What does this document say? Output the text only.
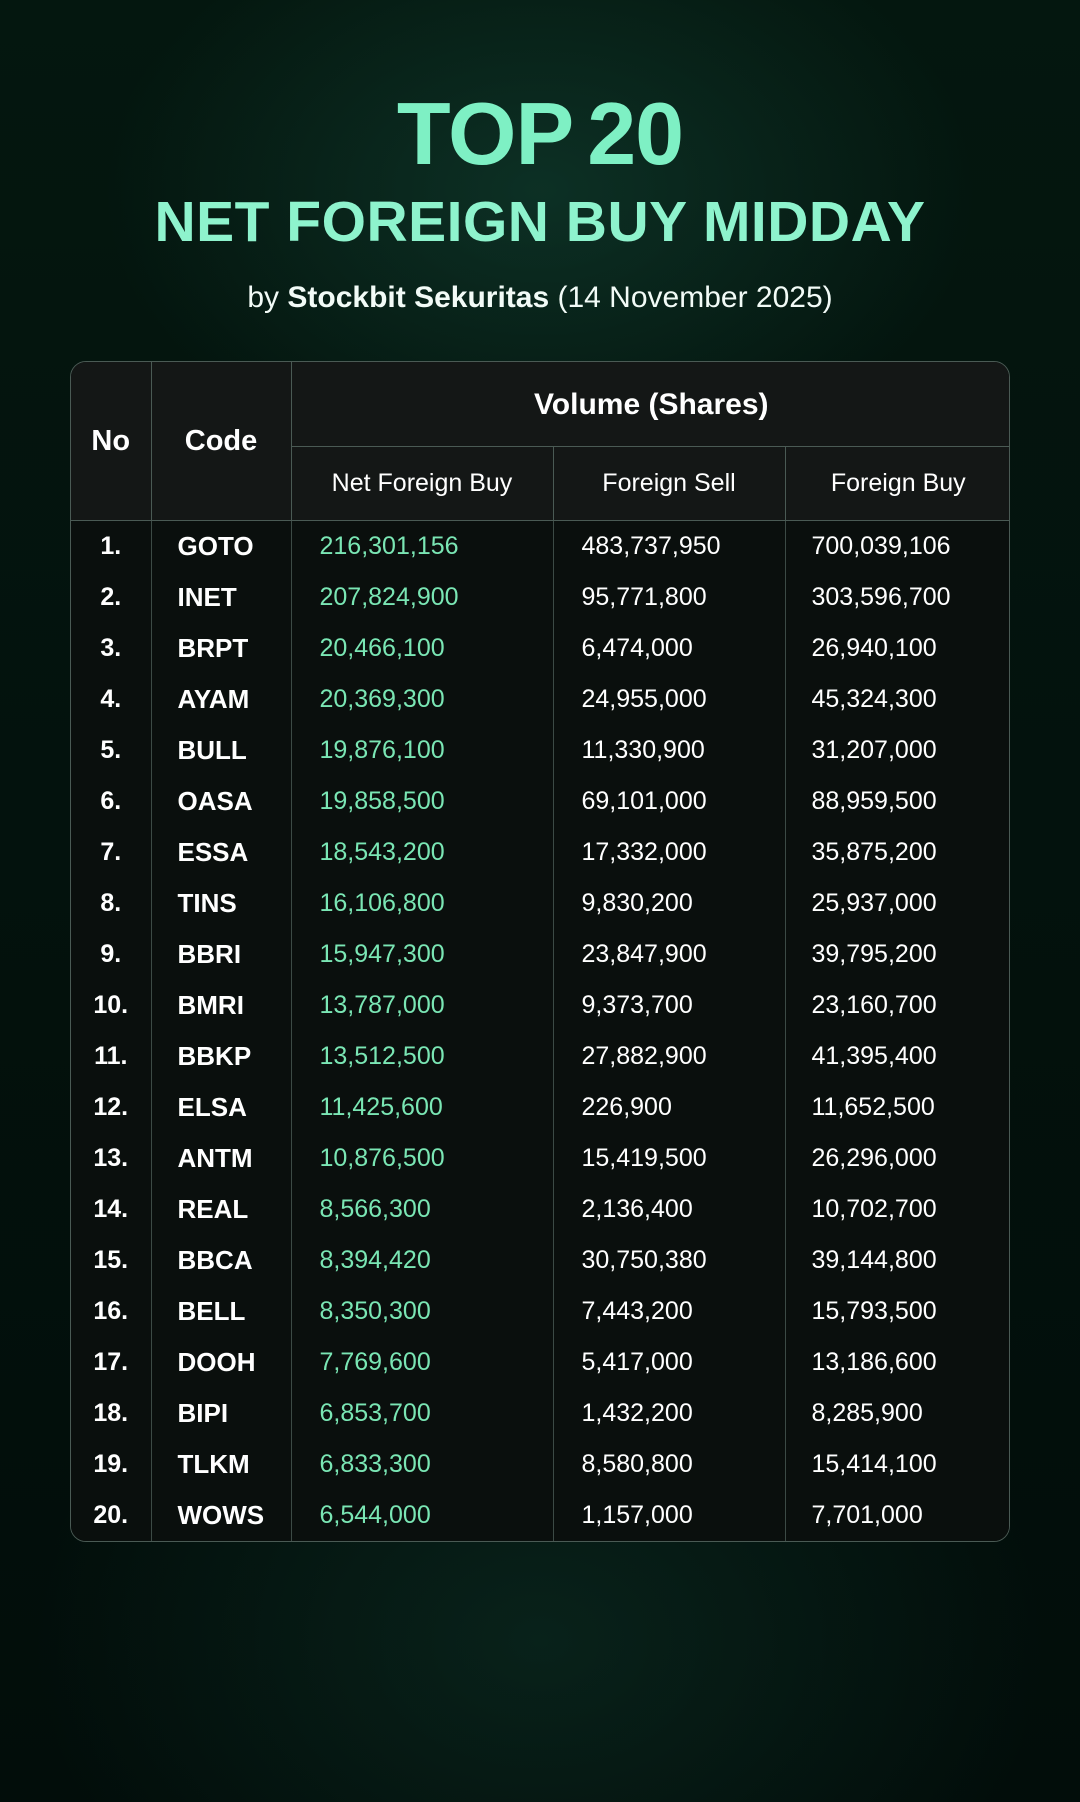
TOP 20
NET FOREIGN BUY MIDDAY
by Stockbit Sekuritas (14 November 2025)
No	Code	Volume (Shares)		
		Net Foreign Buy	Foreign Sell	Foreign Buy

1.	GOTO	216,301,156	483,737,950	700,039,106
2.	INET	207,824,900	95,771,800	303,596,700
3.	BRPT	20,466,100	6,474,000	26,940,100
4.	AYAM	20,369,300	24,955,000	45,324,300
5.	BULL	19,876,100	11,330,900	31,207,000
6.	OASA	19,858,500	69,101,000	88,959,500
7.	ESSA	18,543,200	17,332,000	35,875,200
8.	TINS	16,106,800	9,830,200	25,937,000
9.	BBRI	15,947,300	23,847,900	39,795,200
10.	BMRI	13,787,000	9,373,700	23,160,700
11.	BBKP	13,512,500	27,882,900	41,395,400
12.	ELSA	11,425,600	226,900	11,652,500
13.	ANTM	10,876,500	15,419,500	26,296,000
14.	REAL	8,566,300	2,136,400	10,702,700
15.	BBCA	8,394,420	30,750,380	39,144,800
16.	BELL	8,350,300	7,443,200	15,793,500
17.	DOOH	7,769,600	5,417,000	13,186,600
18.	BIPI	6,853,700	1,432,200	8,285,900
19.	TLKM	6,833,300	8,580,800	15,414,100
20.	WOWS	6,544,000	1,157,000	7,701,000
